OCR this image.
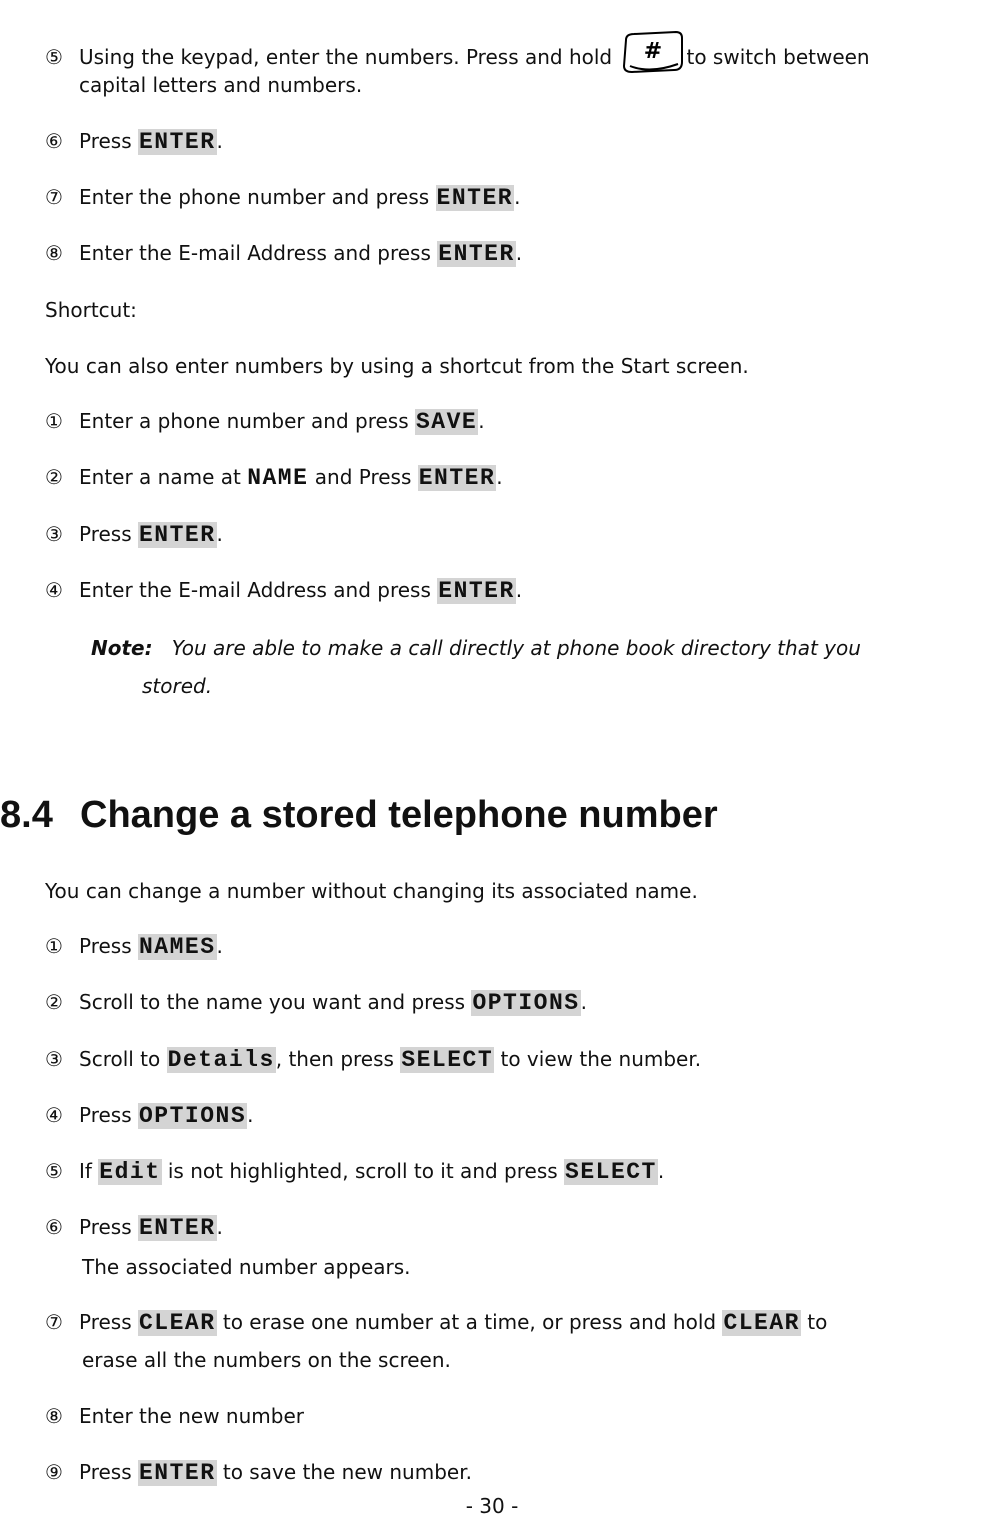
⑤ Using the keypad, enter the numbers. Press and hold # to switch between
capital letters and numbers.
⑥ Press ENTER.
⑦ Enter the phone number and press ENTER.
⑧ Enter the E-mail Address and press ENTER.
Shortcut:
You can also enter numbers by using a shortcut from the Start screen.
① Enter a phone number and press SAVE.
② Enter a name at NAME and Press ENTER.
③ Press ENTER.
④ Enter the E-mail Address and press ENTER.
Note: You are able to make a call directly at phone book directory that you
stored.
8.4 Change a stored telephone number
You can change a number without changing its associated name.
① Press NAMES.
② Scroll to the name you want and press OPTIONS.
③ Scroll to Details, then press SELECT to view the number.
④ Press OPTIONS.
⑤ If Edit is not highlighted, scroll to it and press SELECT.
⑥ Press ENTER.
The associated number appears.
⑦ Press CLEAR to erase one number at a time, or press and hold CLEAR to
erase all the numbers on the screen.
⑧ Enter the new number
⑨ Press ENTER to save the new number.
- 30 -
